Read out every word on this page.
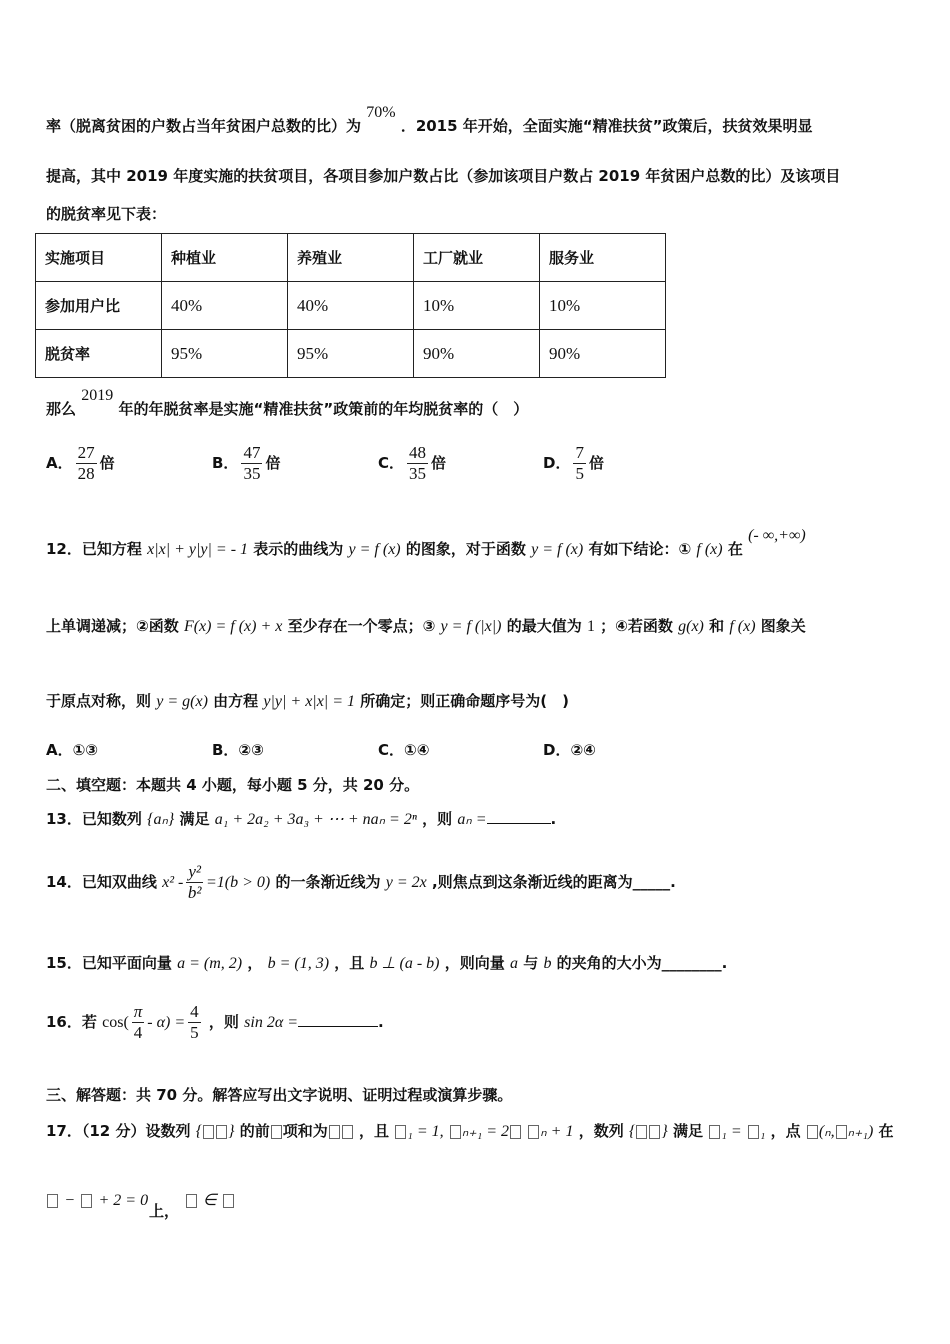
率（脱离贫困的户数占当年贫困户总数的比）为 70% ．2015 年开始，全面实施“精准扶贫”政策后，扶贫效果明显
提高，其中 2019 年度实施的扶贫项目，各项目参加户数占比（参加该项目户数占 2019 年贫困户总数的比）及该项目
的脱贫率见下表：
实施项目	种植业	养殖业	工厂就业	服务业
参加用户比	40%	40%	10%	10%
脱贫率	95%	95%	90%	90%
那么 2019 年的年脱贫率是实施“精准扶贫”政策前的年均脱贫率的（　）
A． $\frac{27}{28}$ 倍	B． $\frac{47}{35}$ 倍	C． $\frac{48}{35}$ 倍	D． $\frac{7}{5}$ 倍
12．已知方程 x|x| + y|y| = - 1 表示的曲线为 y = f (x) 的图象，对于函数 y = f (x) 有如下结论：① f (x) 在 (- ∞,+∞)
上单调递减；②函数 F(x) = f (x) + x 至少存在一个零点；③ y = f (|x|) 的最大值为 1 ；④若函数 g(x) 和 f (x) 图象关
于原点对称，则 y = g(x) 由方程 y|y| + x|x| = 1 所确定；则正确命题序号为(　)
A．①③	B．②③	C．①④	D．②④
二、填空题：本题共 4 小题，每小题 5 分，共 20 分。
13．已知数列 {aₙ} 满足 a₁ + 2a₂ + 3a₃ + ⋯ + naₙ = 2ⁿ ，则 aₙ =	.
14．已知双曲线 $x^2 - \frac{\text{y²}}{\text{b²}} =1(b > 0)$ 的一条渐近线为 y = 2x ,则焦点到这条渐近线的距离为_____.
15．已知平面向量 a = (m, 2) ， b = (1, 3) ，且 b ⊥ (a - b) ，则向量 a 与 b 的夹角的大小为________.
16．若 $\cos( \frac{\pi}{4} - \alpha) = \frac{4}{5}$ ，则 sin 2α =	.
三、解答题：共 70 分。解答应写出文字说明、证明过程或演算步骤。
17．（12 分）设数列 { } 的前 项和为 ，且 ₁ = 1, ₙ₊₁ = 2 ₙ + 1 ，数列 { } 满足 ₁ = ₁ ，点 (ₙ, ₙ₊₁) 在
− + 2 = 0	∈
上，
